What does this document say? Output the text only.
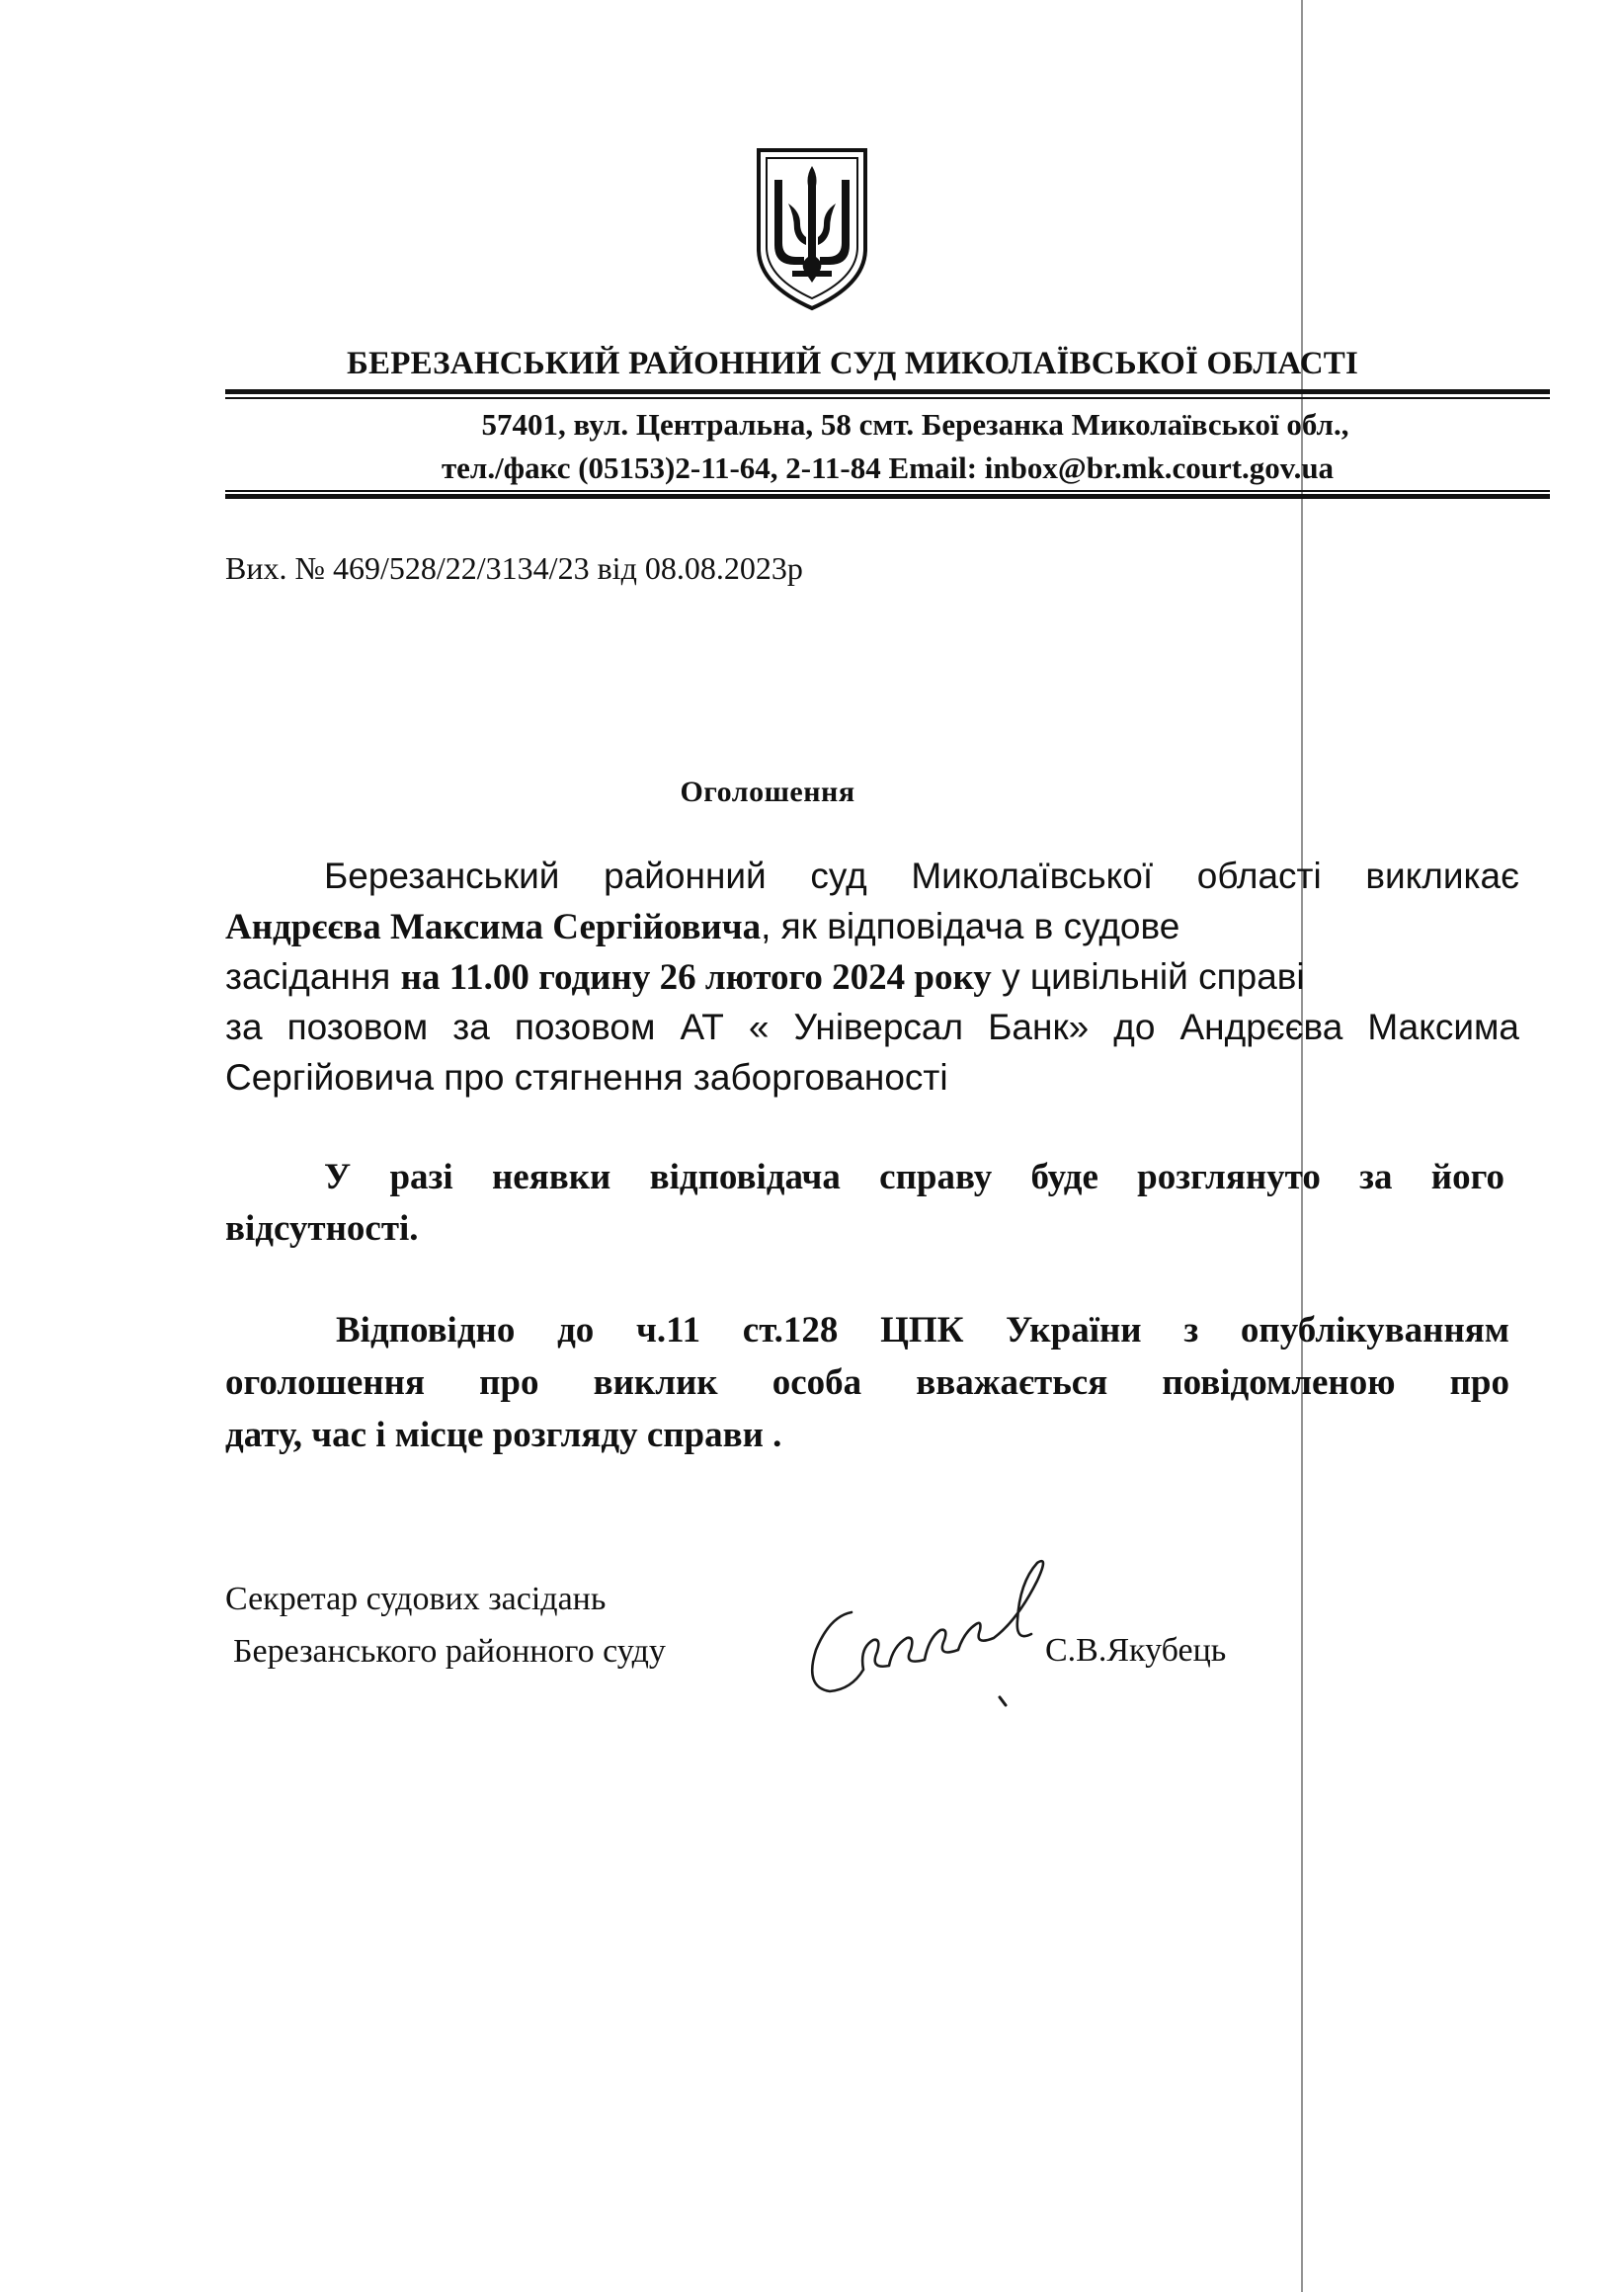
БЕРЕЗАНСЬКИЙ РАЙОННИЙ СУД МИКОЛАЇВСЬКОЇ ОБЛАСТІ
57401, вул. Центральна, 58 смт. Березанка Миколаївської обл.,
тел./факс (05153)2-11-64, 2-11-84 Email: inbox@br.mk.court.gov.ua
Вих. № 469/528/22/3134/23 від 08.08.2023р
Оголошення
Березанський районний суд Миколаївської області викликає
Андрєєва Максима Сергійовича, як відповідача в судове
засідання на 11.00 годину 26 лютого 2024 року у цивільній справі
за позовом за позовом АТ « Універсал Банк» до Андрєєва Максима
Сергійовича про стягнення заборгованості
У разі неявки відповідача справу буде розглянуто за його
відсутності.
Відповідно до ч.11 ст.128 ЦПК України з опублікуванням
оголошення про виклик особа вважається повідомленою про
дату, час і місце розгляду справи .
Секретар судових засідань
Березанського районного суду	С.В.Якубець
